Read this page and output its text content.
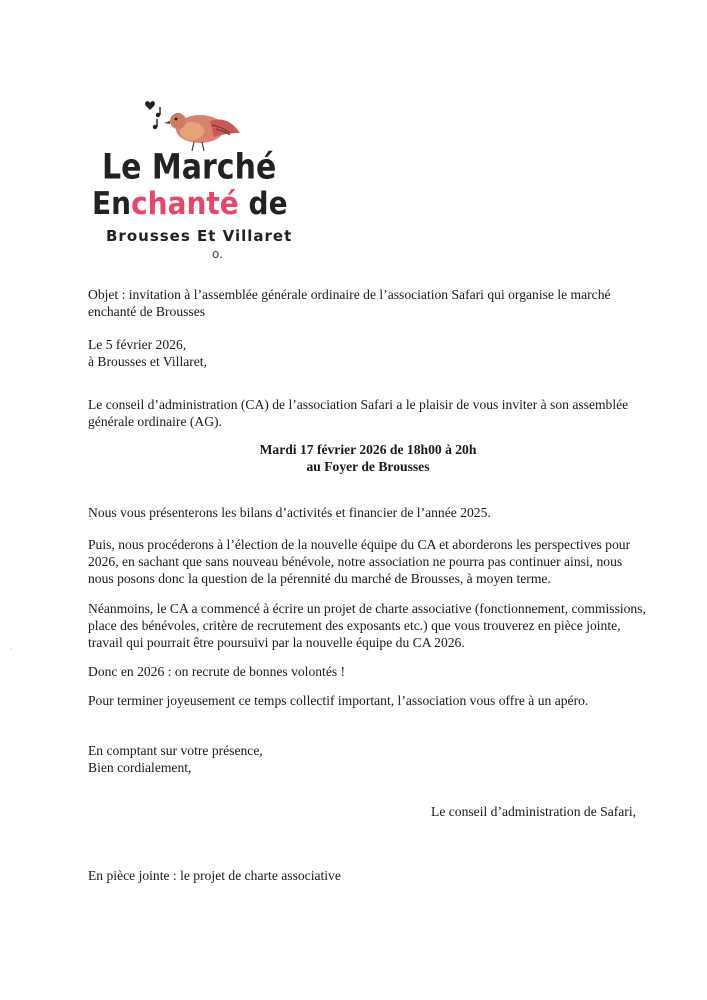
Le Marché
Enchanté de
Brousses Et Villaret
o.
Objet : invitation à l’assemblée générale ordinaire de l’association Safari qui organise le marché enchanté de Brousses
Le 5 février 2026,
à Brousses et Villaret,
Le conseil d’administration (CA) de l’association Safari a le plaisir de vous inviter à son assemblée générale ordinaire (AG).
Mardi 17 février 2026 de 18h00 à 20h
au Foyer de Brousses
Nous vous présenterons les bilans d’activités et financier de l’année 2025.
Puis, nous procéderons à l’élection de la nouvelle équipe du CA et aborderons les perspectives pour 2026, en sachant que sans nouveau bénévole, notre association ne pourra pas continuer ainsi, nous nous posons donc la question de la pérennité du marché de Brousses, à moyen terme.
Néanmoins, le CA a commencé à écrire un projet de charte associative (fonctionnement, commissions, place des bénévoles, critère de recrutement des exposants etc.) que vous trouverez en pièce jointe, travail qui pourrait être poursuivi par la nouvelle équipe du CA 2026.
Donc en 2026 : on recrute de bonnes volontés !
Pour terminer joyeusement ce temps collectif important, l’association vous offre à un apéro.
En comptant sur votre présence,
Bien cordialement,
Le conseil d’administration de Safari,
En pièce jointe : le projet de charte associative
·
